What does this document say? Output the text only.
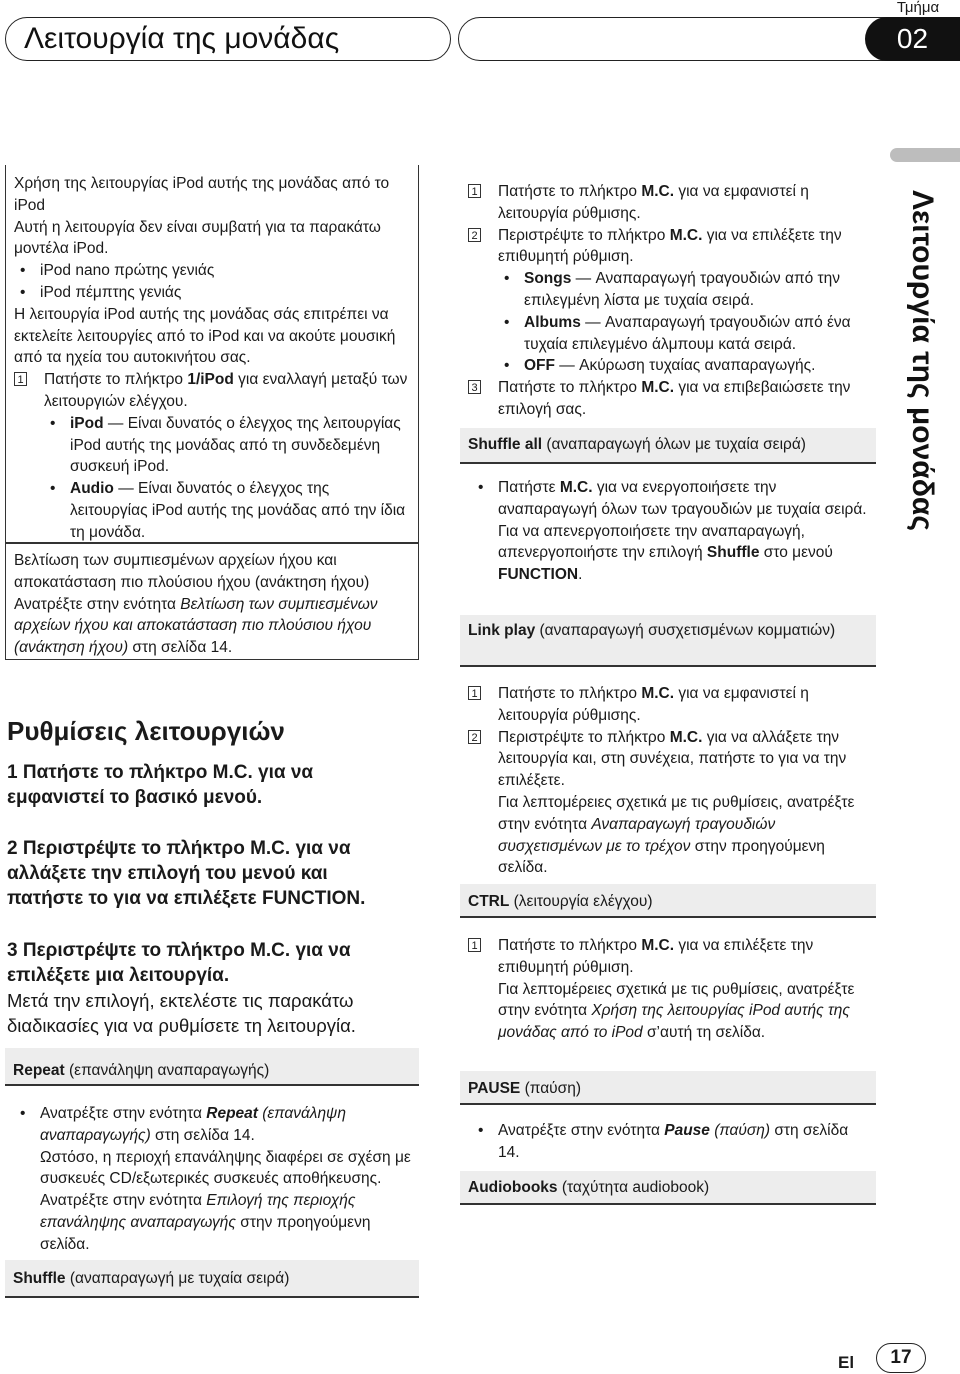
Τμήμα
Λειτουργία της μονάδας	02
Λειτουργία της μονάδας

Χρήση της λειτουργίας iPod αυτής της μονάδας από το iPod

Αυτή η λειτουργία δεν είναι συμβατή για τα παρακάτω μοντέλα iPod.

• iPod nano πρώτης γενιάς

• iPod πέμπτης γενιάς

Η λειτουργία iPod αυτής της μονάδας σάς επιτρέπει να εκτελείτε λειτουργίες από το iPod και να ακούτε μουσική από τα ηχεία του αυτοκινήτου σας.

1 Πατήστε το πλήκτρο 1/iPod για εναλλαγή μεταξύ των λειτουργιών ελέγχου.

• iPod — Είναι δυνατός ο έλεγχος της λειτουργίας iPod αυτής της μονάδας από τη συνδεδεμένη συσκευή iPod.

• Audio — Είναι δυνατός ο έλεγχος της λειτουργίας iPod αυτής της μονάδας από την ίδια τη μονάδα.

Βελτίωση των συμπιεσμένων αρχείων ήχου και αποκατάσταση πιο πλούσιου ήχου (ανάκτηση ήχου)

Ανατρέξτε στην ενότητα Βελτίωση των συμπιεσμένων αρχείων ήχου και αποκατάσταση πιο πλούσιου ήχου (ανάκτηση ήχου) στη σελίδα 14.

Ρυθμίσεις λειτουργιών
1 Πατήστε το πλήκτρο M.C. για να εμφανιστεί το βασικό μενού.
2 Περιστρέψτε το πλήκτρο M.C. για να αλλάξετε την επιλογή του μενού και πατήστε το για να επιλέξετε FUNCTION.
3 Περιστρέψτε το πλήκτρο M.C. για να επιλέξετε μια λειτουργία.
Μετά την επιλογή, εκτελέστε τις παρακάτω διαδικασίες για να ρυθμίσετε τη λειτουργία.
Repeat (επανάληψη αναπαραγωγής)

• Ανατρέξτε στην ενότητα Repeat (επανάληψη αναπαραγωγής) στη σελίδα 14.

Ωστόσο, η περιοχή επανάληψης διαφέρει σε σχέση με συσκευές CD/εξωτερικές συσκευές αποθήκευσης. Ανατρέξτε στην ενότητα Επιλογή της περιοχής επανάληψης αναπαραγωγής στην προηγούμενη σελίδα.

Shuffle (αναπαραγωγή με τυχαία σειρά)

1 Πατήστε το πλήκτρο M.C. για να εμφανιστεί η λειτουργία ρύθμισης.

2 Περιστρέψτε το πλήκτρο M.C. για να επιλέξετε την επιθυμητή ρύθμιση.

• Songs — Αναπαραγωγή τραγουδιών από την επιλεγμένη λίστα με τυχαία σειρά.

• Albums — Αναπαραγωγή τραγουδιών από ένα τυχαία επιλεγμένο άλμπουμ κατά σειρά.

• OFF — Ακύρωση τυχαίας αναπαραγωγής.

3 Πατήστε το πλήκτρο M.C. για να επιβεβαιώσετε την επιλογή σας.

Shuffle all (αναπαραγωγή όλων με τυχαία σειρά)

• Πατήστε M.C. για να ενεργοποιήσετε την αναπαραγωγή όλων των τραγουδιών με τυχαία σειρά.

Για να απενεργοποιήσετε την αναπαραγωγή, απενεργοποιήστε την επιλογή Shuffle στο μενού FUNCTION.

Link play (αναπαραγωγή συσχετισμένων κομματιών)

1 Πατήστε το πλήκτρο M.C. για να εμφανιστεί η λειτουργία ρύθμισης.

2 Περιστρέψτε το πλήκτρο M.C. για να αλλάξετε την λειτουργία και, στη συνέχεια, πατήστε το για να την επιλέξετε.

Για λεπτομέρειες σχετικά με τις ρυθμίσεις, ανατρέξτε στην ενότητα Αναπαραγωγή τραγουδιών συσχετισμένων με το τρέχον στην προηγούμενη σελίδα.

CTRL (λειτουργία ελέγχου)

1 Πατήστε το πλήκτρο M.C. για να επιλέξετε την επιθυμητή ρύθμιση.

Για λεπτομέρειες σχετικά με τις ρυθμίσεις, ανατρέξτε στην ενότητα Χρήση της λειτουργίας iPod αυτής της μονάδας από το iPod σ’αυτή τη σελίδα.

PAUSE (παύση)

• Ανατρέξτε στην ενότητα Pause (παύση) στη σελίδα 14.

Audiobooks (ταχύτητα audiobook)
El	17
